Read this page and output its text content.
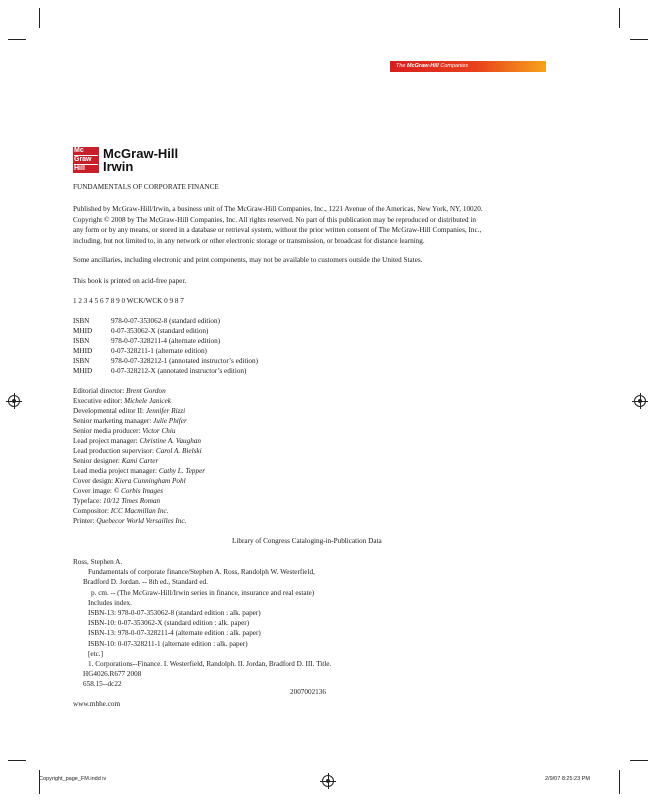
The McGraw-Hill Companies
Mc
Graw
Hill
McGraw-Hill
Irwin
FUNDAMENTALS OF CORPORATE FINANCE
Published by McGraw-Hill/Irwin, a business unit of The McGraw-Hill Companies, Inc., 1221 Avenue of the Americas, New York, NY, 10020.
Copyright © 2008 by The McGraw-Hill Companies, Inc. All rights reserved. No part of this publication may be reproduced or distributed in
any form or by any means, or stored in a database or retrieval system, without the prior written consent of The McGraw-Hill Companies, Inc.,
including, but not limited to, in any network or other electronic storage or transmission, or broadcast for distance learning.
Some ancillaries, including electronic and print components, may not be available to customers outside the United States.
This book is printed on acid-free paper.
1 2 3 4 5 6 7 8 9 0 WCK/WCK 0 9 8 7
ISBN	978-0-07-353062-8 (standard edition)
MHID	0-07-353062-X (standard edition)
ISBN	978-0-07-328211-4 (alternate edition)
MHID	0-07-328211-1 (alternate edition)
ISBN	978-0-07-328212-1 (annotated instructor’s edition)
MHID	0-07-328212-X (annotated instructor’s edition)
Editorial director: Brent Gordon
Executive editor: Michele Janicek
Developmental editor II: Jennifer Rizzi
Senior marketing manager: Julie Phifer
Senior media producer: Victor Chiu
Lead project manager: Christine A. Vaughan
Lead production supervisor: Carol A. Bielski
Senior designer: Kami Carter
Lead media project manager: Cathy L. Tepper
Cover design: Kiera Cunningham Pohl
Cover image: © Corbis Images
Typeface: 10/12 Times Roman
Compositor: ICC Macmillan Inc.
Printer: Quebecor World Versailles Inc.
Library of Congress Cataloging-in-Publication Data
Ross, Stephen A.
Fundamentals of corporate finance/Stephen A. Ross, Randolph W. Westerfield,
Bradford D. Jordan. -- 8th ed., Standard ed.
p. cm. -- (The McGraw-Hill/Irwin series in finance, insurance and real estate)
Includes index.
ISBN-13: 978-0-07-353062-8 (standard edition : alk. paper)
ISBN-10: 0-07-353062-X (standard edition : alk. paper)
ISBN-13: 978-0-07-328211-4 (alternate edition : alk. paper)
ISBN-10: 0-07-328211-1 (alternate edition : alk. paper)
[etc.]
1. Corporations--Finance. I. Westerfield, Randolph. II. Jordan, Bradford D. III. Title.
HG4026.R677 2008
658.15--dc22
2007002136
www.mhhe.com
Copyright_page_FM.indd iv	2/9/07 8:25:23 PM
